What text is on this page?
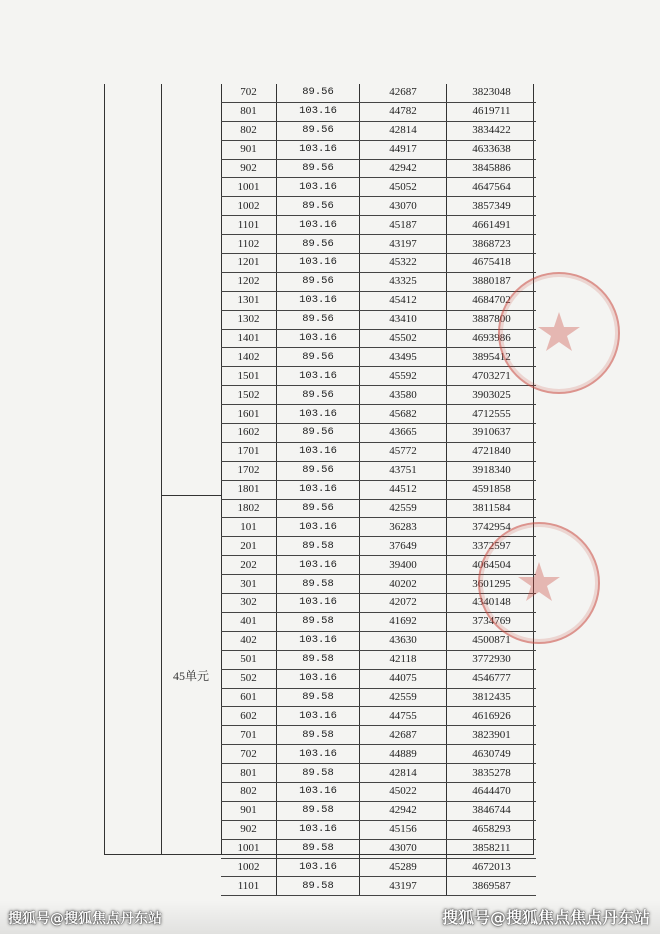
45单元
702	89.56	42687	3823048
801	103.16	44782	4619711
802	89.56	42814	3834422
901	103.16	44917	4633638
902	89.56	42942	3845886
1001	103.16	45052	4647564
1002	89.56	43070	3857349
1101	103.16	45187	4661491
1102	89.56	43197	3868723
1201	103.16	45322	4675418
1202	89.56	43325	3880187
1301	103.16	45412	4684702
1302	89.56	43410	3887800
1401	103.16	45502	4693986
1402	89.56	43495	3895412
1501	103.16	45592	4703271
1502	89.56	43580	3903025
1601	103.16	45682	4712555
1602	89.56	43665	3910637
1701	103.16	45772	4721840
1702	89.56	43751	3918340
1801	103.16	44512	4591858
1802	89.56	42559	3811584
101	103.16	36283	3742954
201	89.58	37649	3372597
202	103.16	39400	4064504
301	89.58	40202	3601295
302	103.16	42072	4340148
401	89.58	41692	3734769
402	103.16	43630	4500871
501	89.58	42118	3772930
502	103.16	44075	4546777
601	89.58	42559	3812435
602	103.16	44755	4616926
701	89.58	42687	3823901
702	103.16	44889	4630749
801	89.58	42814	3835278
802	103.16	45022	4644470
901	89.58	42942	3846744
902	103.16	45156	4658293
1001	89.58	43070	3858211
1002	103.16	45289	4672013
1101	89.58	43197	3869587
搜狐号@搜狐焦点丹东站	搜狐号@搜狐焦点焦点丹东站
